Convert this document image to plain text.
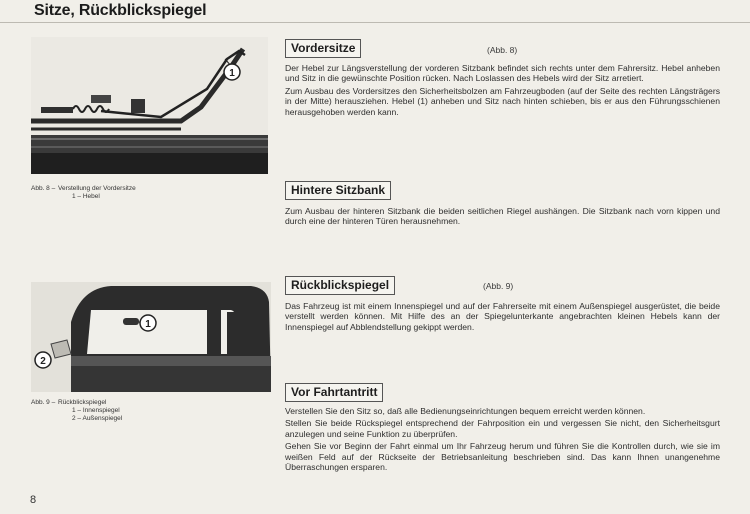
Sitze, Rückblickspiegel
1
Abb. 8 – Verstellung der Vordersitze
1 – Hebel
1
2
Abb. 9 – Rückblickspiegel
1 – Innenspiegel
2 – Außenspiegel
Vordersitze	(Abb. 8)

Der Hebel zur Längsverstellung der vorderen Sitzbank befindet sich rechts unter dem Fahrersitz. Hebel anheben und Sitz in die gewünschte Position rücken. Nach Loslassen des Hebels wird der Sitz arretiert.

Zum Ausbau des Vordersitzes den Sicherheitsbolzen am Fahrzeugboden (auf der Seite des rechten Längsträgers in der Mitte) herausziehen. Hebel (1) anheben und Sitz nach hinten schieben, bis er aus den Führungsschienen herausgehoben werden kann.

Hintere Sitzbank

Zum Ausbau der hinteren Sitzbank die beiden seitlichen Riegel aushängen. Die Sitzbank nach vorn kippen und durch eine der hinteren Türen herausnehmen.

Rückblickspiegel	(Abb. 9)

Das Fahrzeug ist mit einem Innenspiegel und auf der Fahrerseite mit einem Außenspiegel ausgerüstet, die beide verstellt werden können. Mit Hilfe des an der Spiegelunterkante angebrachten kleinen Hebels kann der Innenspiegel auf Abblendstellung gekippt werden.

Vor Fahrtantritt

Verstellen Sie den Sitz so, daß alle Bedienungseinrichtungen bequem erreicht werden können.

Stellen Sie beide Rückspiegel entsprechend der Fahrposition ein und vergessen Sie nicht, den Sicherheitsgurt anzulegen und seine Funktion zu überprüfen.

Gehen Sie vor Beginn der Fahrt einmal um Ihr Fahrzeug herum und führen Sie die Kontrollen durch, wie sie im weißen Feld auf der Rückseite der Betriebsanleitung beschrieben sind. Das kann Ihnen unangenehme Überraschungen ersparen.

8
